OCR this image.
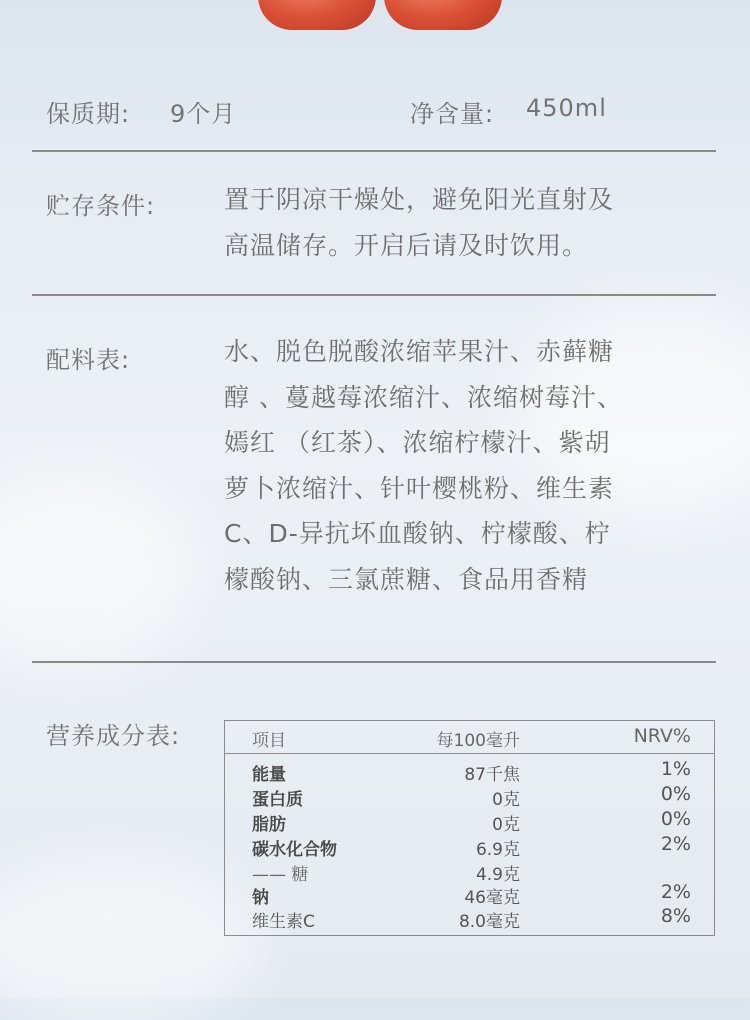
保质期: 9个月	净含量: 450ml
贮存条件:	置于阴凉干燥处，避免阳光直射及
高温储存。开启后请及时饮用。
配料表:	水、脱色脱酸浓缩苹果汁、赤藓糖
醇 、蔓越莓浓缩汁、浓缩树莓汁、
嫣红 （红茶）、浓缩柠檬汁、紫胡
萝卜浓缩汁、针叶樱桃粉、维生素
C、D-异抗坏血酸钠、柠檬酸、柠
檬酸钠、三氯蔗糖、食品用香精
营养成分表:	项目	每100毫升	NRV%
能量	87千焦	1%
蛋白质	0克	0%
脂肪	0克	0%
碳水化合物	6.9克	2%
—— 糖	4.9克
钠	46毫克	2%
维生素C	8.0毫克	8%
